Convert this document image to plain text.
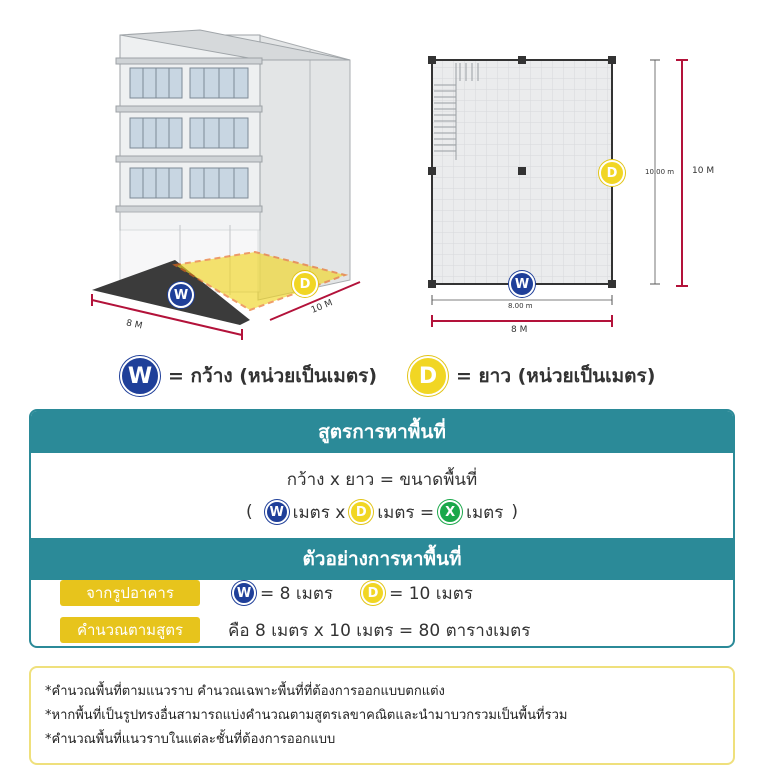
8 M
10 M
W
D
8.00 m
10.00 m
8 M
10 M
W
D
W = กว้าง (หน่วยเป็นเมตร)	D = ยาว (หน่วยเป็นเมตร)
สูตรการหาพื้นที่
กว้าง x ยาว = ขนาดพื้นที่
(	W เมตร x D เมตร = X เมตร )
ตัวอย่างการหาพื้นที่
จากรูปอาคาร	W = 8 เมตร	D = 10 เมตร
คำนวณตามสูตร	คือ 8 เมตร x 10 เมตร = 80 ตารางเมตร
*คำนวณพื้นที่ตามแนวราบ คำนวณเฉพาะพื้นที่ที่ต้องการออกแบบตกแต่ง
*หากพื้นที่เป็นรูปทรงอื่นสามารถแบ่งคำนวณตามสูตรเลขาคณิตและนำมาบวกรวมเป็นพื้นที่รวม
*คำนวณพื้นที่แนวราบในแต่ละชั้นที่ต้องการออกแบบ
